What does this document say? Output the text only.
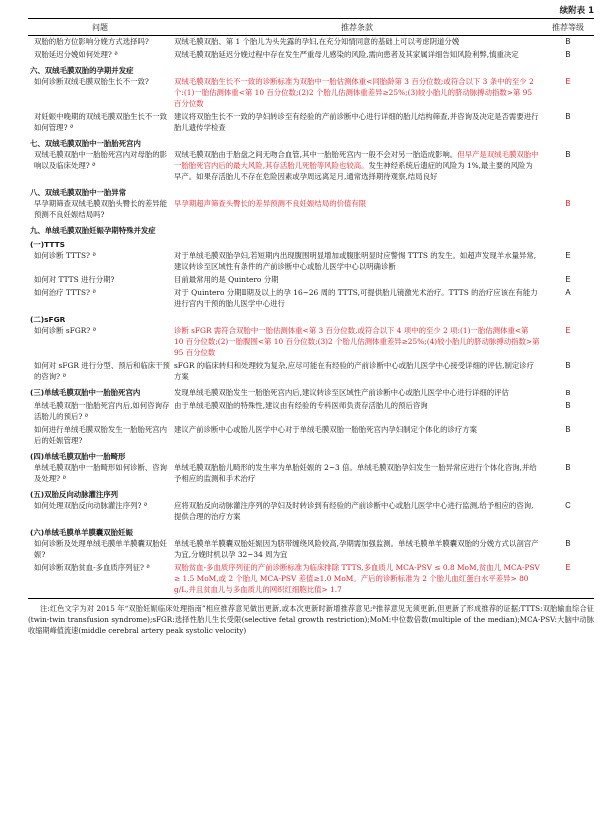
续附表 1
问题	推荐条款	推荐等级
双胎的胎方位影响分娩方式选择吗?	双绒毛膜双胎、第 1 个胎儿为头先露的孕妇,在充分知情同意的基础上可以考虑阴道分娩	B
双胎延迟分娩如何处理? ª	双绒毛膜双胎延迟分娩过程中存在发生严重母儿感染的风险,需向患者及其家属详细告知风险利弊,慎重决定	B
六、双绒毛膜双胎的孕期并发症		
如何诊断双绒毛膜双胎生长不一致?	双绒毛膜双胎生长不一致的诊断标准为双胎中一胎估测体重<同胎龄第 3 百分位数;或符合以下 3 条中的至少 2 个:(1)一胎估测体重<第 10 百分位数;(2)2 个胎儿估测体重差异≥25%;(3)较小胎儿的脐动脉搏动指数>第 95 百分位数	E
对妊娠中晚期的双绒毛膜双胎生长不一致如何管理? ª	建议将双胎生长不一致的孕妇转诊至有经验的产前诊断中心进行详细的胎儿结构筛查,并咨询及决定是否需要进行胎儿遗传学检查	B
七、双绒毛膜双胎中一胎胎死宫内		
双绒毛膜双胎中一胎胎死宫内对母胎的影响以及临床处理? ª	双绒毛膜双胎由于胎盘之间无吻合血管,其中一胎胎死宫内一般不会对另一胎造成影响。但早产是双绒毛膜双胎中一胎胎死宫内后的最大风险,其存活胎儿死胎等风险也较高。发生神经系统后遗症的风险为 1%,最主要的风险为早产。如果存活胎儿不存在危险因素或孕周远离足月,通常选择期待观察,结局良好	B
八、双绒毛膜双胎中一胎异常		
早孕期筛查双绒毛膜双胎头臀长的差异能预测不良妊娠结局吗?	早孕期超声筛查头臀长的差异预测不良妊娠结局的价值有限	B
九、单绒毛膜双胎妊娠孕期特殊并发症		
(一)TTTS		
如何诊断 TTTS? ª	对于单绒毛膜双胎孕妇,若短期内出现腹围明显增加或腹胀明显时应警惕 TTTS 的发生。如超声发现羊水量异常,建议转诊至区域性有条件的产前诊断中心或胎儿医学中心以明确诊断	E
如何对 TTTS 进行分期?	目前最常用的是 Quintero 分期	E
如何治疗 TTTS? ª	对于 Quintero 分期Ⅱ期及以上的孕 16~26 周的 TTTS,可提供胎儿镜激光术治疗。TTTS 的治疗应该在有能力进行宫内干预的胎儿医学中心进行	A
(二)sFGR		
如何诊断 sFGR? ª	诊断 sFGR 需符合双胎中一胎估测体重<第 3 百分位数,或符合以下 4 项中的至少 2 项:(1)一胎估测体重<第 10 百分位数;(2)一胎腹围<第 10 百分位数;(3)2 个胎儿估测体重差异≥25%;(4)较小胎儿的脐动脉搏动指数>第 95 百分位数	E
如何对 sFGR 进行分型、预后和临床干预的咨询? ª	sFGR 的临床转归和处理较为复杂,应尽可能在有经验的产前诊断中心或胎儿医学中心接受详细的评估,制定诊疗方案	B
(三)单绒毛膜双胎中一胎胎死宫内	发现单绒毛膜双胎发生一胎胎死宫内后,建议转诊至区域性产前诊断中心或胎儿医学中心进行详细的评估	B
单绒毛膜双胎一胎胎死宫内后,如何咨询存活胎儿的预后? ª	由于单绒毛膜双胎的特殊性,建议由有经验的专科医师负责存活胎儿的预后咨询	B
如何进行单绒毛膜双胎发生一胎胎死宫内后的妊娠管理?	建议产前诊断中心或胎儿医学中心对于单绒毛膜双胎一胎胎死宫内孕妇制定个体化的诊疗方案	B
(四)单绒毛膜双胎中一胎畸形		
单绒毛膜双胎中一胎畸形如何诊断、咨询及处理? ª	单绒毛膜双胎胎儿畸形的发生率为单胎妊娠的 2~3 倍。单绒毛膜双胎孕妇发生一胎异常应进行个体化咨询,并给予相应的监测和手术治疗	B
(五)双胎反向动脉灌注序列		
如何处理双胎反向动脉灌注序列? ª	应将双胎反向动脉灌注序列的孕妇及时转诊到有经验的产前诊断中心或胎儿医学中心进行监测,给予相应的咨询,提供合理的治疗方案	C
(六)单绒毛膜单羊膜囊双胎妊娠		
如何诊断及处理单绒毛膜单羊膜囊双胎妊娠?	单绒毛膜单羊膜囊双胎妊娠因为脐带缠绕风险较高,孕期需加强监测。单绒毛膜单羊膜囊双胎的分娩方式以剖宫产为宜,分娩时机以孕 32~34 周为宜	B
如何诊断双胎贫血-多血质序列征? ª	双胎贫血-多血质序列征的产前诊断标准为临床排除 TTTS,多血质儿 MCA-PSV ≤ 0.8 MoM,贫血儿 MCA-PSV ≥ 1.5 MoM,或 2 个胎儿 MCA-PSV 差值≥1.0 MoM。产后的诊断标准为 2 个胎儿血红蛋白水平差异> 80 g/L,并且贫血儿与多血质儿的网织红细胞比值> 1.7	E
注:红色文字为对 2015 年“双胎妊娠临床处理指南”相应推荐意见做出更新,或本次更新时新增推荐意见;ª推荐意见无须更新,但更新了形成推荐的证据;TTTS:双胎输血综合征(twin-twin transfusion syndrome);sFGR:选择性胎儿生长受限(selective fetal growth restriction);MoM:中位数倍数(multiple of the median);MCA-PSV:大脑中动脉收缩期峰值流速(middle cerebral artery peak systolic velocity)
